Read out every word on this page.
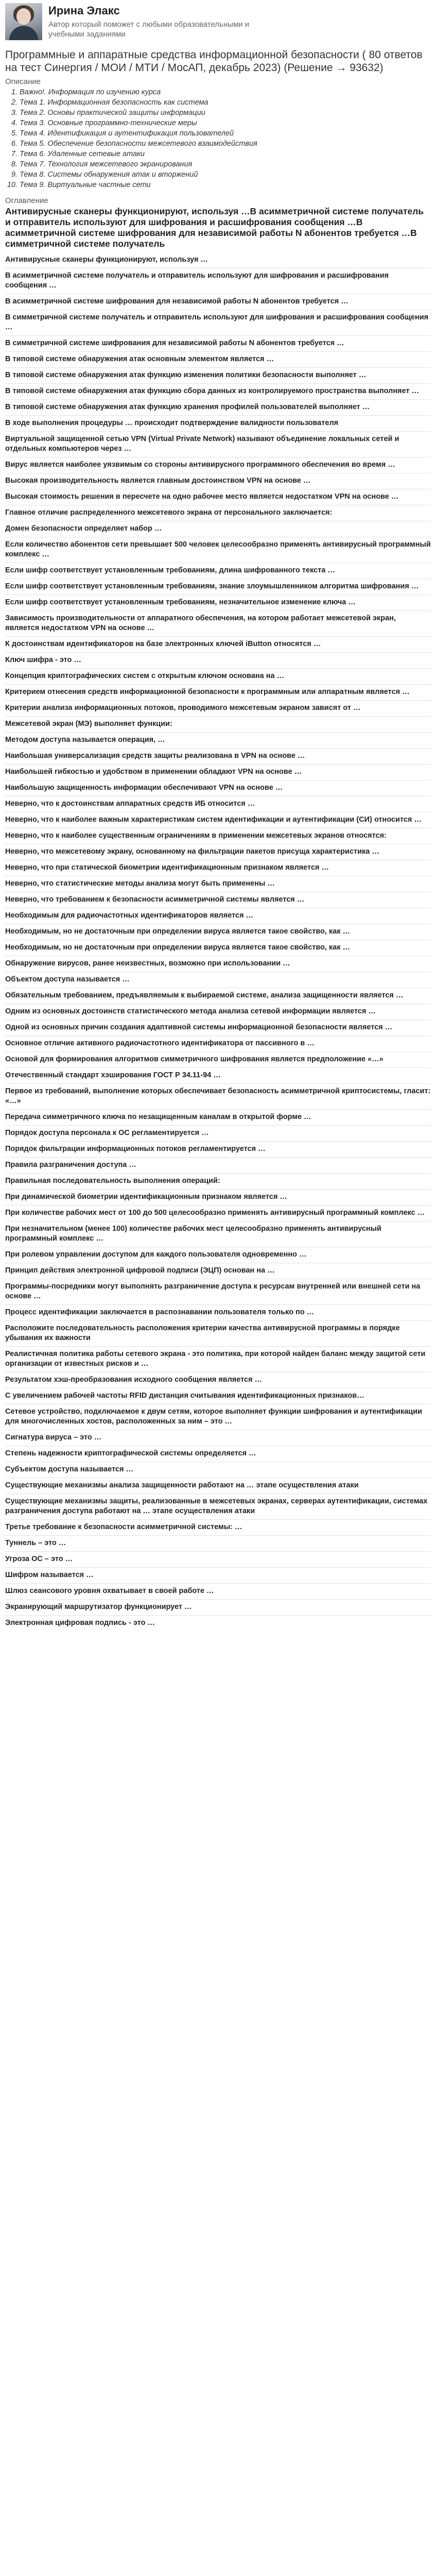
Ирина Элакс
Автор который поможет с любыми образовательными и учебными заданиями
Программные и аппаратные средства информационной безопасности ( 80 ответов на тест Синергия / МОИ / МТИ / МосАП, декабрь 2023) (Решение → 93632)
Описание
1. Важно!. Информация по изучению курса
2. Тема 1. Информационная безопасность как система
3. Тема 2. Основы практической защиты информации
4. Тема 3. Основные программно-технические меры
5. Тема 4. Идентификация и аутентификация пользователей
6. Тема 5. Обеспечение безопасности межсетевого взаимодействия
7. Тема 6. Удаленные сетевые атаки
8. Тема 7. Технология межсетевого экранирования
9. Тема 8. Системы обнаружения атак и вторжений
10. Тема 9. Виртуальные частные сети
Оглавление
Антивирусные сканеры функционируют, используя …В асимметричной системе получатель и отправитель используют для шифрования и расшифрования сообщения …В асимметричной системе шифрования для независимой работы N абонентов требуется …В симметричной системе получатель
Антивирусные сканеры функционируют, используя …
В асимметричной системе получатель и отправитель используют для шифрования и расшифрования сообщения …
В асимметричной системе шифрования для независимой работы N абонентов требуется …
В симметричной системе получатель и отправитель используют для шифрования и расшифрования сообщения …
В симметричной системе шифрования для независимой работы N абонентов требуется …
В типовой системе обнаружения атак основным элементом является …
В типовой системе обнаружения атак функцию изменения политики безопасности выполняет …
В типовой системе обнаружения атак функцию сбора данных из контролируемого пространства выполняет …
В типовой системе обнаружения атак функцию хранения профилей пользователей выполняет …
В ходе выполнения процедуры … происходит подтверждение валидности пользователя
Виртуальной защищенной сетью VPN (Virtual Private Network) называют объединение локальных сетей и отдельных компьютеров через …
Вирус является наиболее уязвимым со стороны антивирусного программного обеспечения во время …
Высокая производительность является главным достоинством VPN на основе …
Высокая стоимость решения в пересчете на одно рабочее место является недостатком VPN на основе …
Главное отличие распределенного межсетевого экрана от персонального заключается:
Домен безопасности определяет набор …
Если количество абонентов сети превышает 500 человек целесообразно применять антивирусный программный комплекс …
Если шифр соответствует установленным требованиям, длина шифрованного текста …
Если шифр соответствует установленным требованиям, знание злоумышленником алгоритма шифрования …
Если шифр соответствует установленным требованиям, незначительное изменение ключа …
Зависимость производительности от аппаратного обеспечения, на котором работает межсетевой экран, является недостатком VPN на основе …
К достоинствам идентификаторов на базе электронных ключей iButton относятся …
Ключ шифра - это …
Концепция криптографических систем с открытым ключом основана на …
Критерием отнесения средств информационной безопасности к программным или аппаратным является …
Критерии анализа информационных потоков, проводимого межсетевым экраном зависят от …
Межсетевой экран (МЭ) выполняет функции:
Методом доступа называется операция, …
Наибольшая универсализация средств защиты реализована в VPN на основе …
Наибольшей гибкостью и удобством в применении обладают VPN на основе …
Наибольшую защищенность информации обеспечивают VPN на основе …
Неверно, что к достоинствам аппаратных средств ИБ относится …
Неверно, что к наиболее важным характеристикам систем идентификации и аутентификации (СИ) относится …
Неверно, что к наиболее существенным ограничениям в применении межсетевых экранов относятся:
Неверно, что межсетевому экрану, основанному на фильтрации пакетов присуща характеристика …
Неверно, что при статической биометрии идентификационным признаком является …
Неверно, что статистические методы анализа могут быть применены …
Неверно, что требованием к безопасности асимметричной системы является …
Необходимым для радиочастотных идентификаторов является …
Необходимым, но не достаточным при определении вируса является такое свойство, как …
Необходимым, но не достаточным при определении вируса является такое свойство, как …
Обнаружение вирусов, ранее неизвестных, возможно при использовании …
Объектом доступа называется …
Обязательным требованием, предъявляемым к выбираемой системе, анализа защищенности является …
Одним из основных достоинств статистического метода анализа сетевой информации является …
Одной из основных причин создания адаптивной системы информационной безопасности является …
Основное отличие активного радиочастотного идентификатора от пассивного в …
Основой для формирования алгоритмов симметричного шифрования является предположение «…»
Отечественный стандарт хэширования ГОСТ Р 34.11-94 …
Первое из требований, выполнение которых обеспечивает безопасность асимметричной криптосистемы, гласит: «…»
Передача симметричного ключа по незащищенным каналам в открытой форме …
Порядок доступа персонала к ОС регламентируется …
Порядок фильтрации информационных потоков регламентируется …
Правила разграничения доступа …
Правильная последовательность выполнения операций:
При динамической биометрии идентификационным признаком является …
При количестве рабочих мест от 100 до 500 целесообразно применять антивирусный программный комплекс …
При незначительном (менее 100) количестве рабочих мест целесообразно применять антивирусный программный комплекс …
При ролевом управлении доступом для каждого пользователя одновременно …
Принцип действия электронной цифровой подписи (ЭЦП) основан на …
Программы-посредники могут выполнять разграничение доступа к ресурсам внутренней или внешней сети на основе …
Процесс идентификации заключается в распознавании пользователя только по …
Расположите последовательность расположения критерии качества антивирусной программы в порядке убывания их важности
Реалистичная политика работы сетевого экрана - это политика, при которой найден баланс между защитой сети организации от известных рисков и …
Результатом хэш-преобразования исходного сообщения является …
С увеличением рабочей частоты RFID дистанция считывания идентификационных признаков…
Сетевое устройство, подключаемое к двум сетям, которое выполняет функции шифрования и аутентификации для многочисленных хостов, расположенных за ним – это …
Сигнатура вируса – это …
Степень надежности криптографической системы определяется …
Субъектом доступа называется …
Существующие механизмы анализа защищенности работают на … этапе осуществления атаки
Существующие механизмы защиты, реализованные в межсетевых экранах, серверах аутентификации, системах разграничения доступа работают на … этапе осуществления атаки
Третье требование к безопасности асимметричной системы: …
Туннель – это …
Угроза ОС – это …
Шифром называется …
Шлюз сеансового уровня охватывает в своей работе …
Экранирующий маршрутизатор функционирует …
Электронная цифровая подпись - это …
